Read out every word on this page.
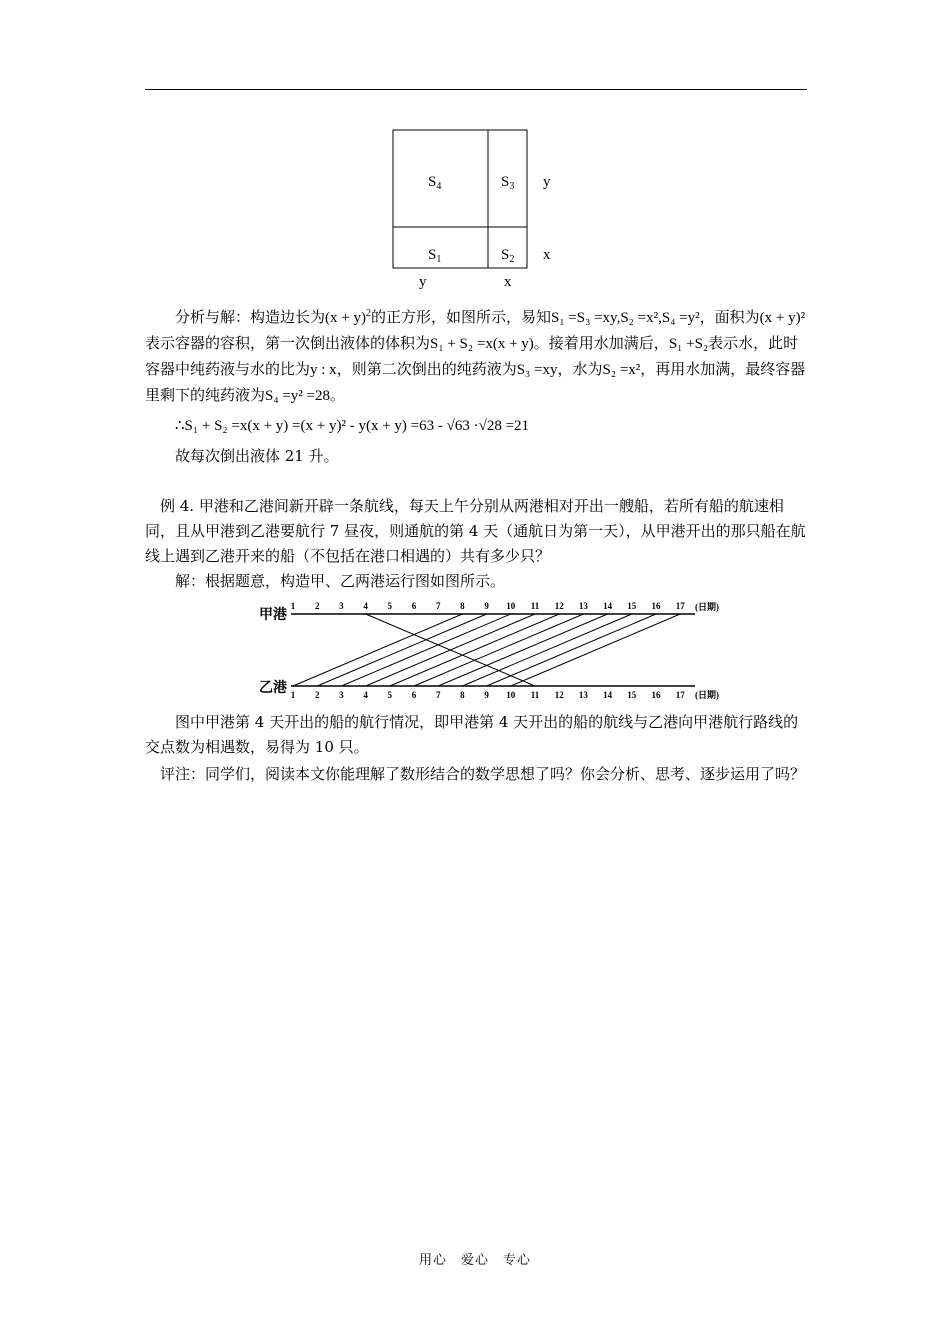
$S_4$	$S_3$
$S_1$	$S_2$
y
x
y	x
分析与解：构造边长为$(x + y)^2$的正方形，如图所示，易知S₁ =S₃ =xy,S₂ =x²,S₄ =y²，面积为(x + y)²表示容器的容积，第一次倒出液体的体积为S₁ + S₂ =x(x + y)。接着用水加满后，S₁ +S₂表示水，此时容器中纯药液与水的比为y : x，则第二次倒出的纯药液为S₃ =xy，水为S₂ =x²，再用水加满，最终容器里剩下的纯药液为S₄ =y² =28。
∴S₁ + S₂ =x(x + y) =(x + y)² - y(x + y) =63 - √63 ·√28 =21
故每次倒出液体 21 升。
例 4. 甲港和乙港间新开辟一条航线，每天上午分别从两港相对开出一艘船，若所有船的航速相同，且从甲港到乙港要航行 7 昼夜，则通航的第 4 天（通航日为第一天），从甲港开出的那只船在航线上遇到乙港开来的船（不包括在港口相遇的）共有多少只？
解：根据题意，构造甲、乙两港运行图如图所示。
甲港
乙港
(日期)
(日期)
1
1
2
2
3
3
4
4
5
5
6
6
7
7
8
8
9
9
10
10
11
11
12
12
13
13
14
14
15
15
16
16
17
17
图中甲港第 4 天开出的船的航行情况，即甲港第 4 天开出的船的航线与乙港向甲港航行路线的交点数为相遇数，易得为 10 只。
评注：同学们，阅读本文你能理解了数形结合的数学思想了吗？你会分析、思考、逐步运用了吗？
用心　爱心　专心
